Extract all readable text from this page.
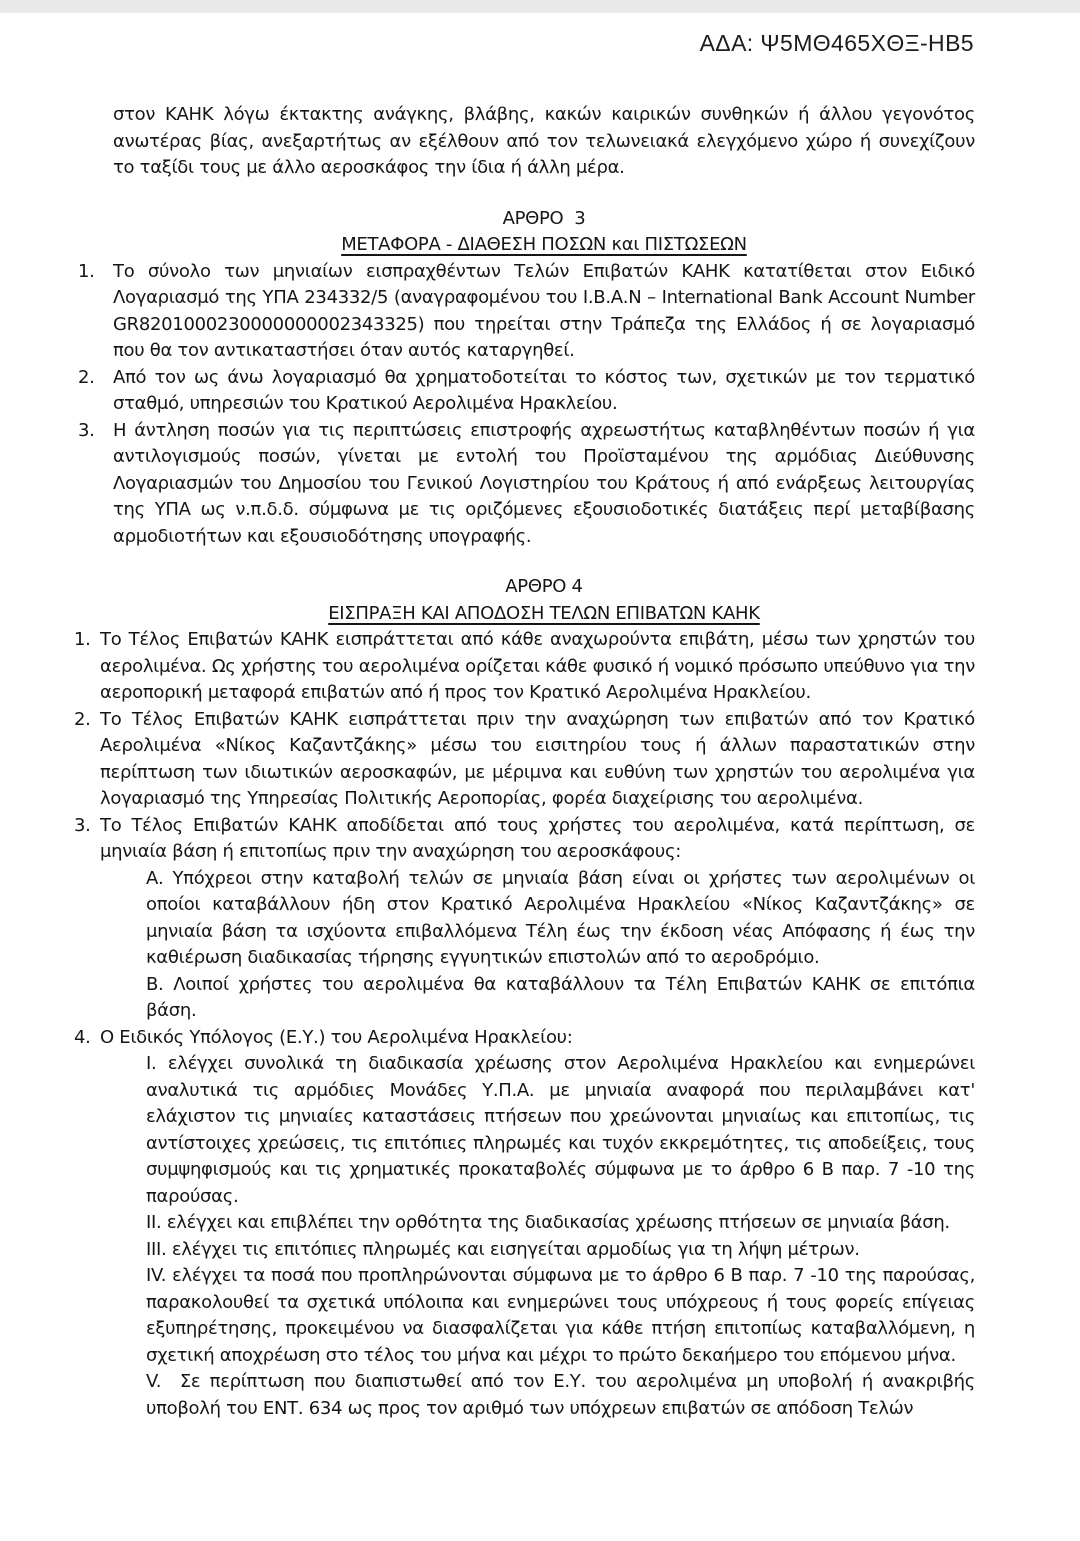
ΑΔΑ: Ψ5ΜΘ465ΧΘΞ-ΗΒ5
στον ΚΑΗΚ λόγω έκτακτης ανάγκης, βλάβης, κακών καιρικών συνθηκών ή άλλου γεγονότος ανωτέρας βίας, ανεξαρτήτως αν εξέλθουν από τον τελωνειακά ελεγχόμενο χώρο ή συνεχίζουν το ταξίδι τους με άλλο αεροσκάφος την ίδια ή άλλη μέρα.
ΑΡΘΡΟ  3
ΜΕΤΑΦΟΡΑ - ΔΙΑΘΕΣΗ ΠΟΣΩΝ και ΠΙΣΤΩΣΕΩΝ
1. Το σύνολο των μηνιαίων εισπραχθέντων Τελών Επιβατών ΚΑΗΚ κατατίθεται στον Ειδικό Λογαριασμό της ΥΠΑ 234332/5 (αναγραφομένου του Ι.Β.Α.Ν – International Bank Account Number GR8201000230000000002343325) που τηρείται στην Τράπεζα της Ελλάδος ή σε λογαριασμό που θα τον αντικαταστήσει όταν αυτός καταργηθεί.
2. Από τον ως άνω λογαριασμό θα χρηματοδοτείται το κόστος των, σχετικών με τον τερματικό σταθμό, υπηρεσιών του Κρατικού Αερολιμένα Ηρακλείου.
3. Η άντληση ποσών για τις περιπτώσεις επιστροφής αχρεωστήτως καταβληθέντων ποσών ή για αντιλογισμούς ποσών, γίνεται με εντολή του Προϊσταμένου της αρμόδιας Διεύθυνσης Λογαριασμών του Δημοσίου του Γενικού Λογιστηρίου του Κράτους ή από ενάρξεως λειτουργίας της ΥΠΑ ως ν.π.δ.δ. σύμφωνα με τις οριζόμενες εξουσιοδοτικές διατάξεις περί μεταβίβασης αρμοδιοτήτων και εξουσιοδότησης υπογραφής.
ΑΡΘΡΟ 4
ΕΙΣΠΡΑΞΗ ΚΑΙ ΑΠΟΔΟΣΗ ΤΕΛΩΝ ΕΠΙΒΑΤΩΝ ΚΑΗΚ
1. Το Τέλος Επιβατών ΚΑΗΚ εισπράττεται από κάθε αναχωρούντα επιβάτη, μέσω των χρηστών του αερολιμένα. Ως χρήστης του αερολιμένα ορίζεται κάθε φυσικό ή νομικό πρόσωπο υπεύθυνο για την αεροπορική μεταφορά επιβατών από ή προς τον Κρατικό Αερολιμένα Ηρακλείου.
2. Το Τέλος Επιβατών ΚΑΗΚ εισπράττεται πριν την αναχώρηση των επιβατών από τον Κρατικό Αερολιμένα «Νίκος Καζαντζάκης» μέσω του εισιτηρίου τους ή άλλων παραστατικών στην περίπτωση των ιδιωτικών αεροσκαφών, με μέριμνα και ευθύνη των χρηστών του αερολιμένα για λογαριασμό της Υπηρεσίας Πολιτικής Αεροπορίας, φορέα διαχείρισης του αερολιμένα.
3. Το Τέλος Επιβατών ΚΑΗΚ αποδίδεται από τους χρήστες του αερολιμένα, κατά περίπτωση, σε μηνιαία βάση ή επιτοπίως πριν την αναχώρηση του αεροσκάφους:
Α. Υπόχρεοι στην καταβολή τελών σε μηνιαία βάση είναι οι χρήστες των αερολιμένων οι οποίοι καταβάλλουν ήδη στον Κρατικό Αερολιμένα Ηρακλείου «Νίκος Καζαντζάκης» σε μηνιαία βάση τα ισχύοντα επιβαλλόμενα Τέλη έως την έκδοση νέας Απόφασης ή έως την καθιέρωση διαδικασίας τήρησης εγγυητικών επιστολών από το αεροδρόμιο.
Β. Λοιποί χρήστες του αερολιμένα θα καταβάλλουν τα Τέλη Επιβατών ΚΑΗΚ σε επιτόπια βάση.
4. Ο Ειδικός Υπόλογος (Ε.Υ.) του Αερολιμένα Ηρακλείου:
Ι. ελέγχει συνολικά τη διαδικασία χρέωσης στον Αερολιμένα Ηρακλείου και ενημερώνει αναλυτικά τις αρμόδιες Μονάδες Υ.Π.Α. με μηνιαία αναφορά που περιλαμβάνει κατ' ελάχιστον τις μηνιαίες καταστάσεις πτήσεων που χρεώνονται μηνιαίως και επιτοπίως, τις αντίστοιχες χρεώσεις, τις επιτόπιες πληρωμές και τυχόν εκκρεμότητες, τις αποδείξεις, τους συμψηφισμούς και τις χρηματικές προκαταβολές σύμφωνα με το άρθρο 6 Β παρ. 7 -10 της παρούσας.
ΙΙ. ελέγχει και επιβλέπει την ορθότητα της διαδικασίας χρέωσης πτήσεων σε μηνιαία βάση.
ΙΙΙ. ελέγχει τις επιτόπιες πληρωμές και εισηγείται αρμοδίως για τη λήψη μέτρων.
IV. ελέγχει τα ποσά που προπληρώνονται σύμφωνα με το άρθρο 6 Β παρ. 7 -10 της παρούσας, παρακολουθεί τα σχετικά υπόλοιπα και ενημερώνει τους υπόχρεους ή τους φορείς επίγειας εξυπηρέτησης, προκειμένου να διασφαλίζεται για κάθε πτήση επιτοπίως καταβαλλόμενη, η σχετική αποχρέωση στο τέλος του μήνα και μέχρι το πρώτο δεκαήμερο του επόμενου μήνα.
V. Σε περίπτωση που διαπιστωθεί από τον Ε.Υ. του αερολιμένα μη υποβολή ή ανακριβής υποβολή του ΕΝΤ. 634 ως προς τον αριθμό των υπόχρεων επιβατών σε απόδοση Τελών
